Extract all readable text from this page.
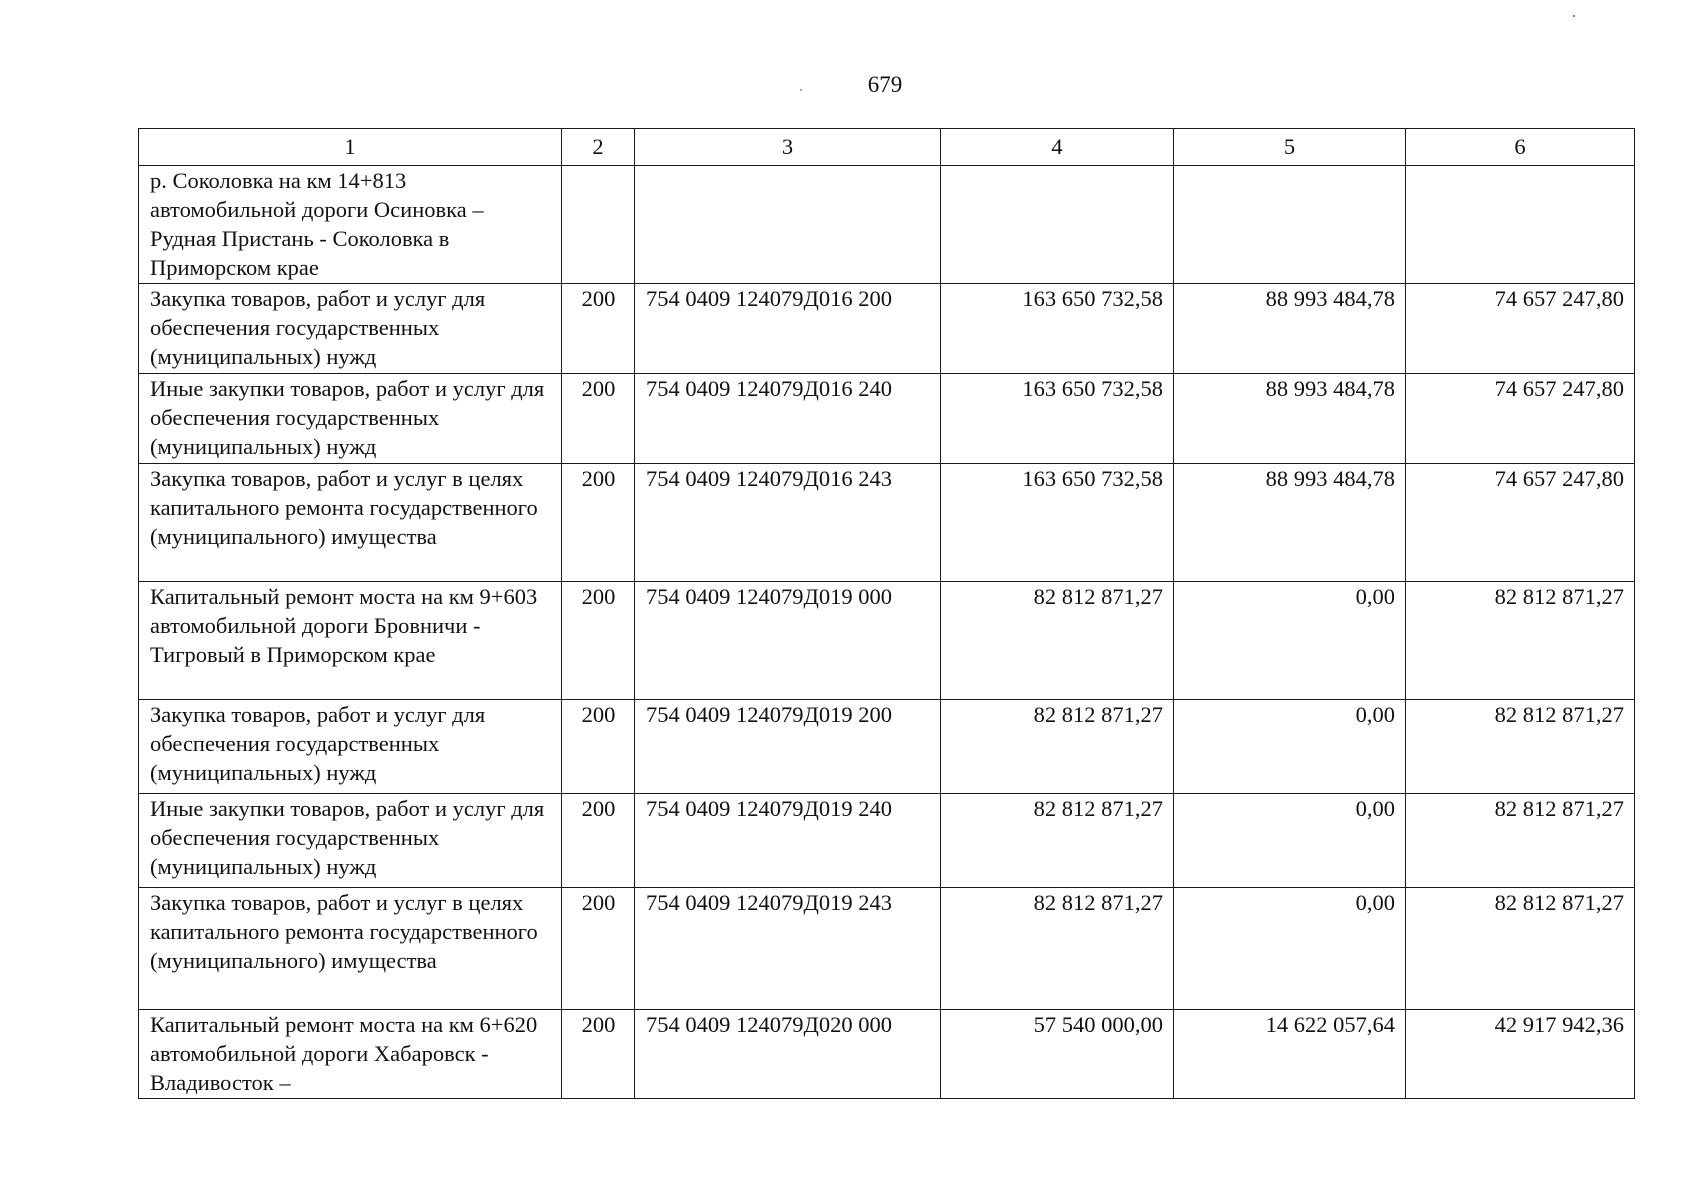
679
1	2	3	4	5	6
р. Соколовка на км 14+813 автомобильной дороги Осиновка – Рудная Пристань - Соколовка в Приморском крае					
Закупка товаров, работ и услуг для обеспечения государственных (муниципальных) нужд	200	754 0409 124079Д016 200	163 650 732,58	88 993 484,78	74 657 247,80
Иные закупки товаров, работ и услуг для обеспечения государственных (муниципальных) нужд	200	754 0409 124079Д016 240	163 650 732,58	88 993 484,78	74 657 247,80
Закупка товаров, работ и услуг в целях капитального ремонта государственного (муниципального) имущества	200	754 0409 124079Д016 243	163 650 732,58	88 993 484,78	74 657 247,80
Капитальный ремонт моста на км 9+603 автомобильной дороги Бровничи - Тигровый в Приморском крае	200	754 0409 124079Д019 000	82 812 871,27	0,00	82 812 871,27
Закупка товаров, работ и услуг для обеспечения государственных (муниципальных) нужд	200	754 0409 124079Д019 200	82 812 871,27	0,00	82 812 871,27
Иные закупки товаров, работ и услуг для обеспечения государственных (муниципальных) нужд	200	754 0409 124079Д019 240	82 812 871,27	0,00	82 812 871,27
Закупка товаров, работ и услуг в целях капитального ремонта государственного (муниципального) имущества	200	754 0409 124079Д019 243	82 812 871,27	0,00	82 812 871,27
Капитальный ремонт моста на км 6+620 автомобильной дороги Хабаровск - Владивосток –	200	754 0409 124079Д020 000	57 540 000,00	14 622 057,64	42 917 942,36
